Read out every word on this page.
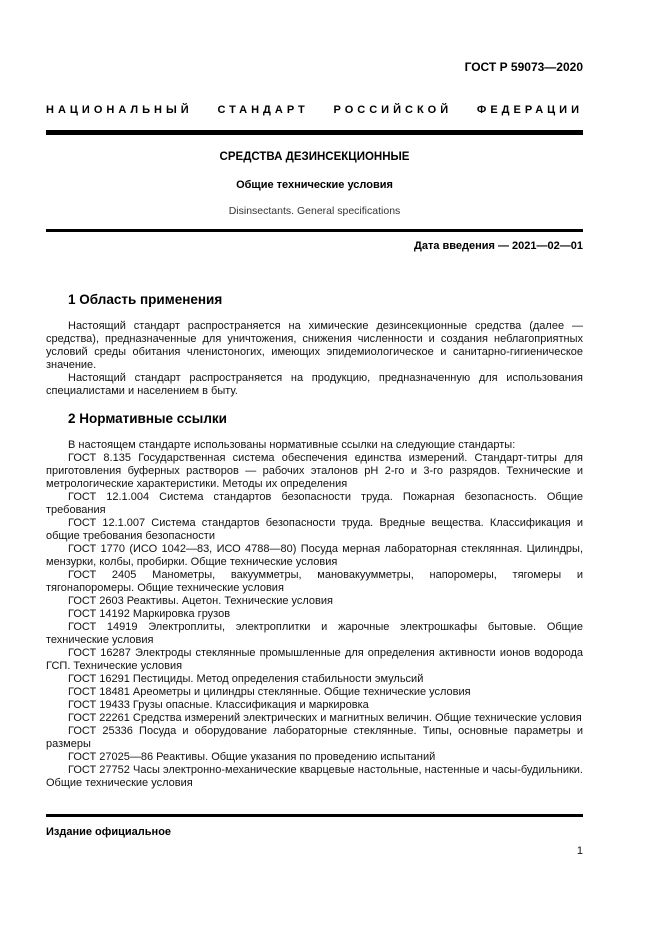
ГОСТ Р 59073—2020
НАЦИОНАЛЬНЫЙ СТАНДАРТ РОССИЙСКОЙ ФЕДЕРАЦИИ
СРЕДСТВА ДЕЗИНСЕКЦИОННЫЕ
Общие технические условия
Disinsectants. General specifications
Дата введения — 2021—02—01
1 Область применения

Настоящий стандарт распространяется на химические дезинсекционные средства (далее — средства), предназначенные для уничтожения, снижения численности и создания неблагоприятных условий среды обитания членистоногих, имеющих эпидемиологическое и санитарно-гигиеническое значение.

Настоящий стандарт распространяется на продукцию, предназначенную для использования специалистами и населением в быту.

2 Нормативные ссылки

В настоящем стандарте использованы нормативные ссылки на следующие стандарты:

ГОСТ 8.135 Государственная система обеспечения единства измерений. Стандарт-титры для приготовления буферных растворов — рабочих эталонов pH 2-го и 3-го разрядов. Технические и метрологические характеристики. Методы их определения

ГОСТ 12.1.004 Система стандартов безопасности труда. Пожарная безопасность. Общие требования

ГОСТ 12.1.007 Система стандартов безопасности труда. Вредные вещества. Классификация и общие требования безопасности

ГОСТ 1770 (ИСО 1042—83, ИСО 4788—80) Посуда мерная лабораторная стеклянная. Цилиндры, мензурки, колбы, пробирки. Общие технические условия

ГОСТ 2405 Манометры, вакуумметры, мановакуумметры, напоромеры, тягомеры и тягонапоромеры. Общие технические условия

ГОСТ 2603 Реактивы. Ацетон. Технические условия

ГОСТ 14192 Маркировка грузов

ГОСТ 14919 Электроплиты, электроплитки и жарочные электрошкафы бытовые. Общие технические условия

ГОСТ 16287 Электроды стеклянные промышленные для определения активности ионов водорода ГСП. Технические условия

ГОСТ 16291 Пестициды. Метод определения стабильности эмульсий

ГОСТ 18481 Ареометры и цилиндры стеклянные. Общие технические условия

ГОСТ 19433 Грузы опасные. Классификация и маркировка

ГОСТ 22261 Средства измерений электрических и магнитных величин. Общие технические условия

ГОСТ 25336 Посуда и оборудование лабораторные стеклянные. Типы, основные параметры и размеры

ГОСТ 27025—86 Реактивы. Общие указания по проведению испытаний

ГОСТ 27752 Часы электронно-механические кварцевые настольные, настенные и часы-будильники. Общие технические условия

Издание официальное
1
